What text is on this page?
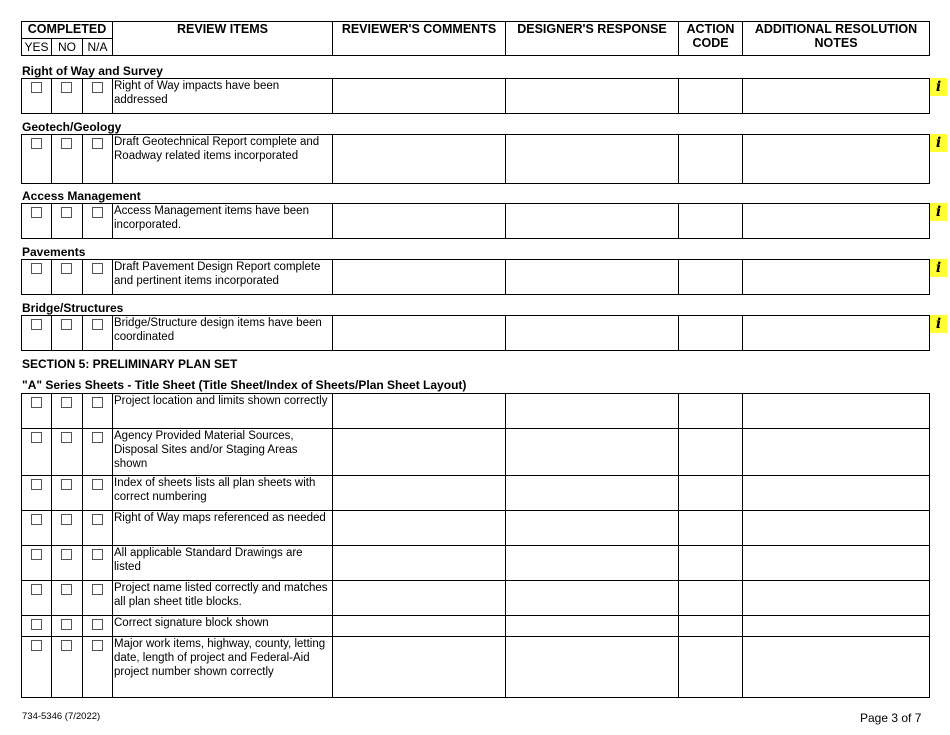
COMPLETED			REVIEW ITEMS	REVIEWER'S COMMENTS	DESIGNER'S RESPONSE	ACTION CODE	ADDITIONAL RESOLUTION NOTES
YES	NO	N/A					
Right of Way and Survey

	Right of Way impacts have been addressed				
i
Geotech/Geology

	Draft Geotechnical Report complete and Roadway related items incorporated				
i
Access Management

	Access Management items have been incorporated.				
i
Pavements

	Draft Pavement Design Report complete and pertinent items incorporated				
i
Bridge/Structures

	Bridge/Structure design items have been coordinated				
i
SECTION 5: PRELIMINARY PLAN SET
"A" Series Sheets - Title Sheet (Title Sheet/Index of Sheets/Plan Sheet Layout)

	Project location and limits shown correctly				

	Agency Provided Material Sources, Disposal Sites and/or Staging Areas shown				

	Index of sheets lists all plan sheets with correct numbering				

	Right of Way maps referenced as needed				

	All applicable Standard Drawings are listed				

	Project name listed correctly and matches all plan sheet title blocks.				

	Correct signature block shown				

	Major work items, highway, county, letting date, length of project and Federal-Aid project number shown correctly				
734-5346 (7/2022)	Page 3 of 7
